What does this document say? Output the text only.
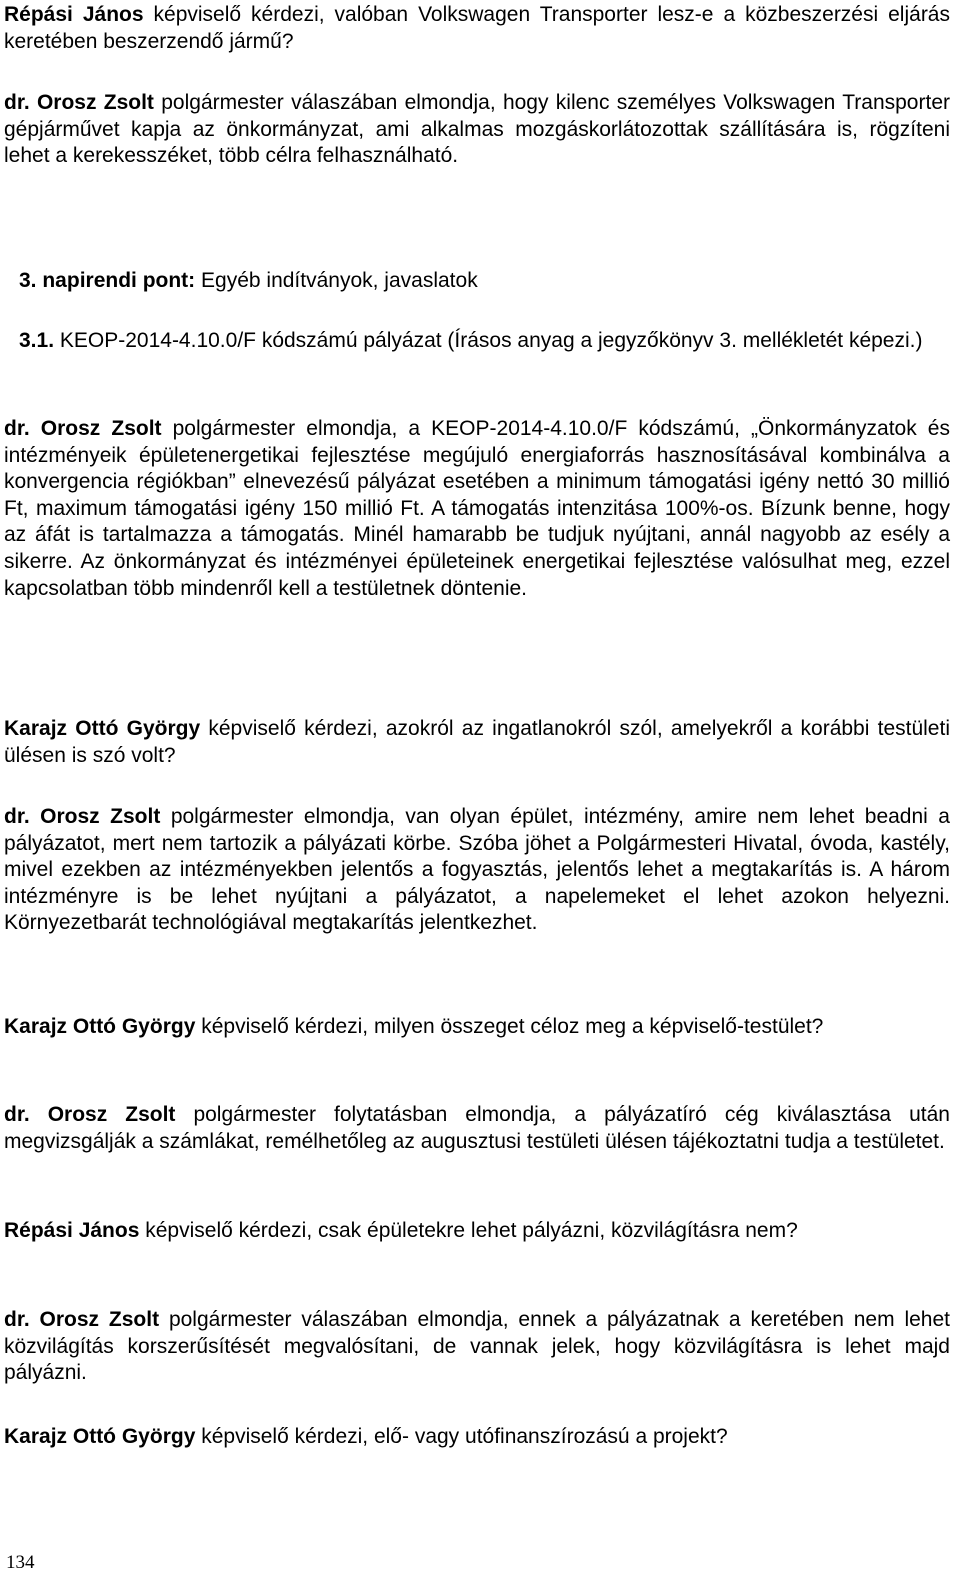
Répási János képviselő kérdezi, valóban Volkswagen Transporter lesz-e a közbeszerzési eljárás keretében beszerzendő jármű?

dr. Orosz Zsolt polgármester válaszában elmondja, hogy kilenc személyes Volkswagen Transporter gépjárművet kapja az önkormányzat, ami alkalmas mozgáskorlátozottak szállítására is, rögzíteni lehet a kerekesszéket, több célra felhasználható.

3. napirendi pont: Egyéb indítványok, javaslatok
3.1. KEOP-2014-4.10.0/F kódszámú pályázat (Írásos anyag a jegyzőkönyv 3. mellékletét képezi.)

dr. Orosz Zsolt polgármester elmondja, a KEOP-2014-4.10.0/F kódszámú, „Önkormányzatok és intézményeik épületenergetikai fejlesztése megújuló energiaforrás hasznosításával kombinálva a konvergencia régiókban” elnevezésű pályázat esetében a minimum támogatási igény nettó 30 millió Ft, maximum támogatási igény 150 millió Ft. A támogatás intenzitása 100%-os. Bízunk benne, hogy az áfát is tartalmazza a támogatás. Minél hamarabb be tudjuk nyújtani, annál nagyobb az esély a sikerre. Az önkormányzat és intézményei épületeinek energetikai fejlesztése valósulhat meg, ezzel kapcsolatban több mindenről kell a testületnek döntenie.

Karajz Ottó György képviselő kérdezi, azokról az ingatlanokról szól, amelyekről a korábbi testületi ülésen is szó volt?

dr. Orosz Zsolt polgármester elmondja, van olyan épület, intézmény, amire nem lehet beadni a pályázatot, mert nem tartozik a pályázati körbe. Szóba jöhet a Polgármesteri Hivatal, óvoda, kastély, mivel ezekben az intézményekben jelentős a fogyasztás, jelentős lehet a megtakarítás is. A három intézményre is be lehet nyújtani a pályázatot, a napelemeket el lehet azokon helyezni. Környezetbarát technológiával megtakarítás jelentkezhet.

Karajz Ottó György képviselő kérdezi, milyen összeget céloz meg a képviselő-testület?

dr. Orosz Zsolt polgármester folytatásban elmondja, a pályázatíró cég kiválasztása után megvizsgálják a számlákat, remélhetőleg az augusztusi testületi ülésen tájékoztatni tudja a testületet.

Répási János képviselő kérdezi, csak épületekre lehet pályázni, közvilágításra nem?

dr. Orosz Zsolt polgármester válaszában elmondja, ennek a pályázatnak a keretében nem lehet közvilágítás korszerűsítését megvalósítani, de vannak jelek, hogy közvilágításra is lehet majd pályázni.

Karajz Ottó György képviselő kérdezi, elő- vagy utófinanszírozású a projekt?

134
